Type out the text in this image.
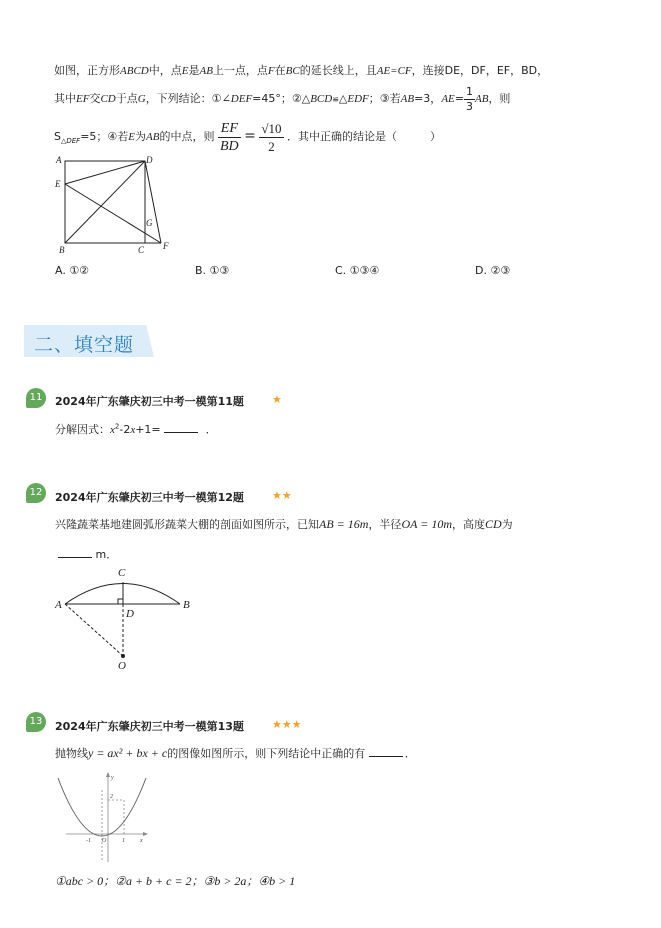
如图，正方形ABCD中，点E是AB上一点，点F在BC的延长线上，且AE=CF，连接DE，DF，EF，BD，
其中EF交CD于点G，下列结论：①∠DEF=45°；②△BCD≌△EDF；③若AB=3，$AE= \frac{1}{3}$ AB，则
$S_{\triangle DEF}=5$；④若E为AB的中点，则 $\frac{EF}{BD} = \frac{√10}{2}$ ．其中正确的结论是（　　　）
A	D
E
G
B	C F
A. ①②	B. ①③	C. ①③④	D. ②③
二、填空题
11	2024年广东肇庆初三中考一模第11题	★
分解因式：$x^2-2x+1=$	．
12	2024年广东肇庆初三中考一模第12题	★★
兴隆蔬菜基地建圆弧形蔬菜大棚的剖面如图所示，已知AB = 16m，半径OA = 10m，高度CD为
m．
C
A
D
B
O
13	2024年广东肇庆初三中考一模第13题	★★★
抛物线y = ax² + bx + c的图像如图所示，则下列结论中正确的有	．
y
x
2
O
-1	1
①abc > 0；②a + b + c = 2；③b > 2a；④b > 1
